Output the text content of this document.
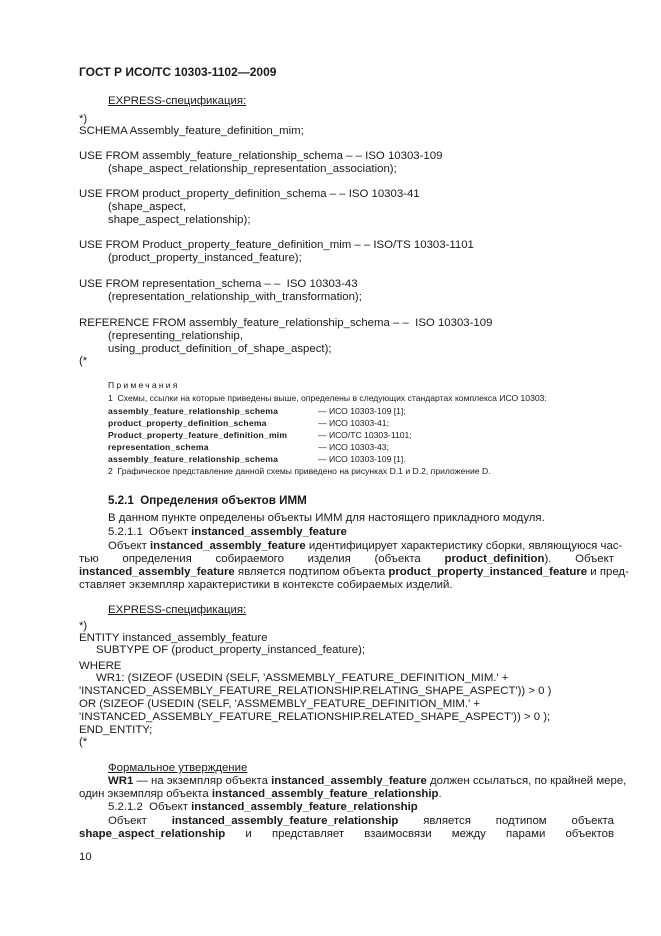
ГОСТ Р ИСО/ТС 10303-1102—2009
EXPRESS-спецификация:
*)
SCHEMA Assembly_feature_definition_mim;
USE FROM assembly_feature_relationship_schema – – ISO 10303-109
(shape_aspect_relationship_representation_association);
USE FROM product_property_definition_schema – – ISO 10303-41
(shape_aspect,
shape_aspect_relationship);
USE FROM Product_property_feature_definition_mim – – ISO/TS 10303-1101
(product_property_instanced_feature);
USE FROM representation_schema – –  ISO 10303-43
(representation_relationship_with_transformation);
REFERENCE FROM assembly_feature_relationship_schema – –  ISO 10303-109
(representing_relationship,
using_product_definition_of_shape_aspect);
(*
Примечания
1  Схемы, ссылки на которые приведены выше, определены в следующих стандартах комплекса ИСО 10303:
assembly_feature_relationship_schema	— ИСО 10303-109 [1];
product_property_definition_schema	— ИСО 10303-41;
Product_property_feature_definition_mim	— ИСО/ТС 10303-1101;
representation_schema	— ИСО 10303-43;
assembly_feature_relationship_schema	— ИСО 10303-109 [1].
2  Графическое представление данной схемы приведено на рисунках D.1 и D.2, приложение D.
5.2.1  Определения объектов ИММ
В данном пункте определены объекты ИММ для настоящего прикладного модуля.
5.2.1.1  Объект instanced_assembly_feature
Объект instanced_assembly_feature идентифицирует характеристику сборки, являющуюся час-
тью определения собираемого изделия (объекта product_definition). Объект
instanced_assembly_feature является подтипом объекта product_property_instanced_feature и пред-
ставляет экземпляр характеристики в контексте собираемых изделий.
EXPRESS-спецификация:
*)
ENTITY instanced_assembly_feature
SUBTYPE OF (product_property_instanced_feature);
WHERE
WR1: (SIZEOF (USEDIN (SELF, 'ASSMEMBLY_FEATURE_DEFINITION_MIM.' +
'INSTANCED_ASSEMBLY_FEATURE_RELATIONSHIP.RELATING_SHAPE_ASPECT')) > 0 )
OR (SIZEOF (USEDIN (SELF, 'ASSMEMBLY_FEATURE_DEFINITION_MIM.' +
'INSTANCED_ASSEMBLY_FEATURE_RELATIONSHIP.RELATED_SHAPE_ASPECT')) > 0 );
END_ENTITY;
(*
Формальное утверждение
WR1 — на экземпляр объекта instanced_assembly_feature должен ссылаться, по крайней мере,
один экземпляр объекта instanced_assembly_feature_relationship.
5.2.1.2  Объект instanced_assembly_feature_relationship
Объект instanced_assembly_feature_relationship является подтипом объекта
shape_aspect_relationship и представляет взаимосвязи между парами объектов
10
